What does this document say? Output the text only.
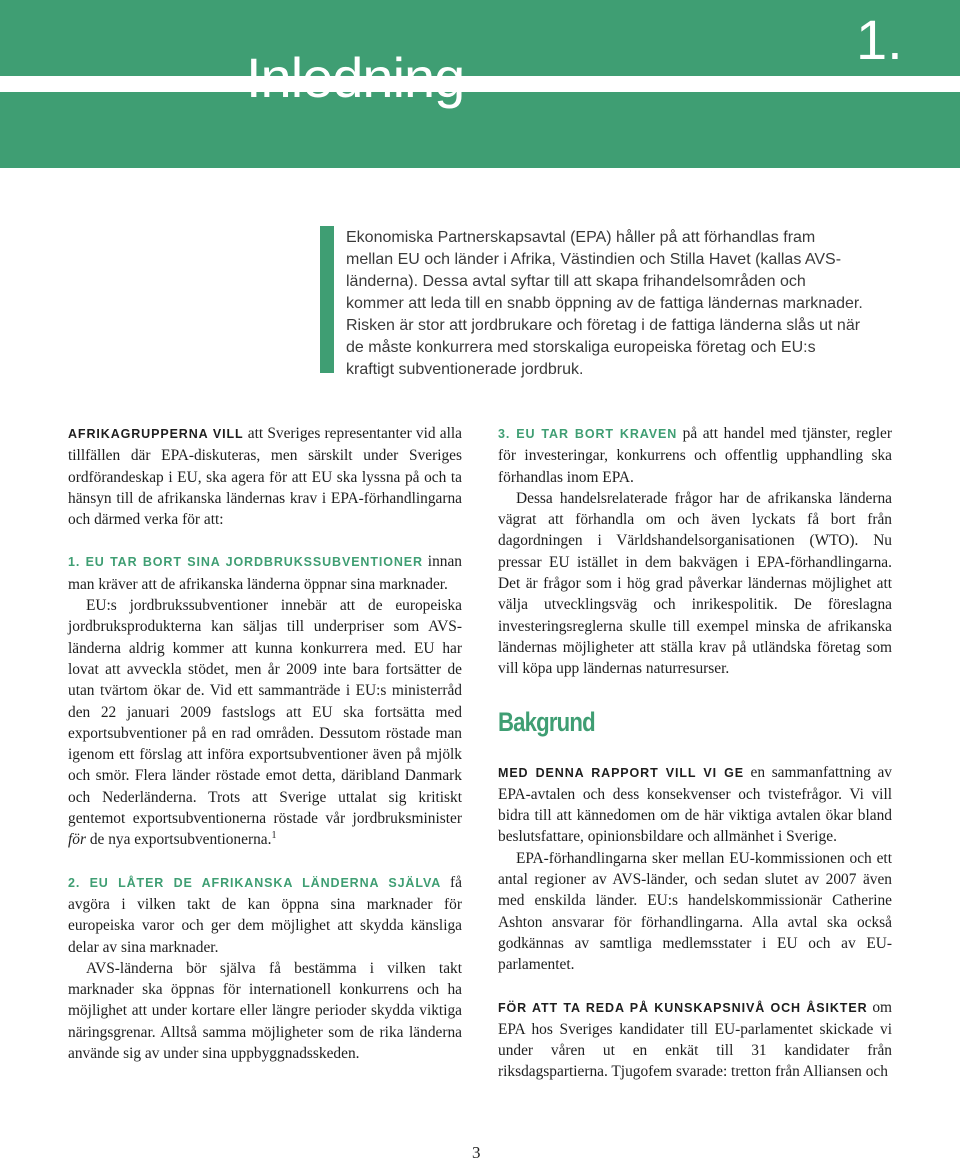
Inledning
1.

Ekonomiska Partnerskapsavtal (EPA) håller på att förhandlas fram mellan EU och länder i Afrika, Västindien och Stilla Havet (kallas AVS-länderna). Dessa avtal syftar till att skapa frihandelsområden och kommer att leda till en snabb öppning av de fattiga ländernas marknader. Risken är stor att jordbrukare och företag i de fattiga länderna slås ut när de måste konkurrera med storskaliga europeiska företag och EU:s kraftigt subventionerade jordbruk.

AFRIKAGRUPPERNA VILL att Sveriges representanter vid alla tillfällen där EPA-diskuteras, men särskilt under Sveriges ordförandeskap i EU, ska agera för att EU ska lyssna på och ta hänsyn till de afrikanska ländernas krav i EPA-förhandlingarna och därmed verka för att:

1. EU TAR BORT SINA JORDBRUKSSUBVENTIONER innan man kräver att de afrikanska länderna öppnar sina marknader.

EU:s jordbrukssubventioner innebär att de europeiska jordbruksprodukterna kan säljas till underpriser som AVS-länderna aldrig kommer att kunna konkurrera med. EU har lovat att avveckla stödet, men år 2009 inte bara fortsätter de utan tvärtom ökar de. Vid ett sammanträde i EU:s ministerråd den 22 januari 2009 fastslogs att EU ska fortsätta med exportsubventioner på en rad områden. Dessutom röstade man igenom ett förslag att införa exportsubventioner även på mjölk och smör. Flera länder röstade emot detta, däribland Danmark och Nederländerna. Trots att Sverige uttalat sig kritiskt gentemot exportsubventionerna röstade vår jordbruksminister för de nya exportsubventionerna.$^1$

2. EU LÅTER DE AFRIKANSKA LÄNDERNA SJÄLVA få avgöra i vilken takt de kan öppna sina marknader för europeiska varor och ger dem möjlighet att skydda känsliga delar av sina marknader.

AVS-länderna bör själva få bestämma i vilken takt marknader ska öppnas för internationell konkurrens och ha möjlighet att under kortare eller längre perioder skydda viktiga näringsgrenar. Alltså samma möjligheter som de rika länderna använde sig av under sina uppbyggnadsskeden.

3. EU TAR BORT KRAVEN på att handel med tjänster, regler för investeringar, konkurrens och offentlig upphandling ska förhandlas inom EPA.

Dessa handelsrelaterade frågor har de afrikanska länderna vägrat att förhandla om och även lyckats få bort från dagordningen i Världshandelsorganisationen (WTO). Nu pressar EU istället in dem bakvägen i EPA-förhandlingarna. Det är frågor som i hög grad påverkar ländernas möjlighet att välja utvecklingsväg och inrikespolitik. De föreslagna investeringsreglerna skulle till exempel minska de afrikanska ländernas möjligheter att ställa krav på utländska företag som vill köpa upp ländernas naturresurser.

Bakgrund

MED DENNA RAPPORT VILL VI GE en sammanfattning av EPA-avtalen och dess konsekvenser och tvistefrågor. Vi vill bidra till att kännedomen om de här viktiga avtalen ökar bland beslutsfattare, opinionsbildare och allmänhet i Sverige.

EPA-förhandlingarna sker mellan EU-kommissionen och ett antal regioner av AVS-länder, och sedan slutet av 2007 även med enskilda länder. EU:s handelskommissionär Catherine Ashton ansvarar för förhandlingarna. Alla avtal ska också godkännas av samtliga medlemsstater i EU och av EU-parlamentet.

FÖR ATT TA REDA PÅ KUNSKAPSNIVÅ OCH ÅSIKTER om EPA hos Sveriges kandidater till EU-parlamentet skickade vi under våren ut en enkät till 31 kandidater från riksdagspartierna. Tjugofem svarade: tretton från Alliansen och

3
